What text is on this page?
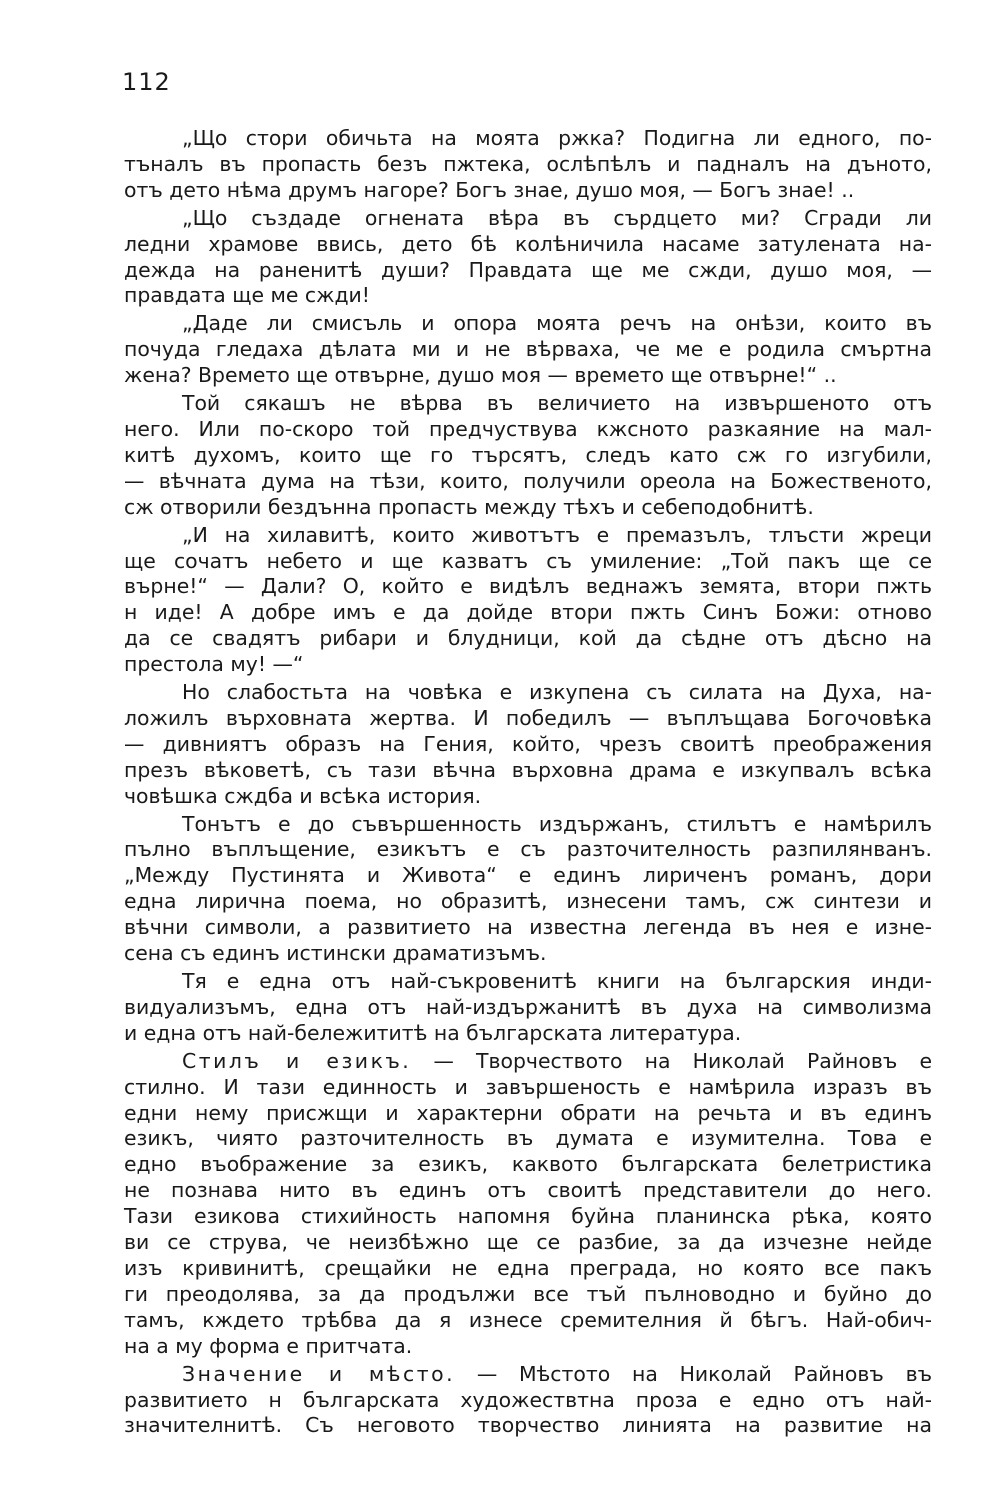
112
„Що стори обичьта на моята ржка? Подигна ли едного, по-
тъналъ въ пропасть безъ пжтека, ослѣпѣлъ и падналъ на дъното,
отъ дето нѣма друмъ нагоре? Богъ знае, душо моя, — Богъ знае! ..
„Що създаде огнената вѣра въ сърдцето ми? Сгради ли
ледни храмове ввись, дето бѣ колѣничила насаме затулената на-
дежда на раненитѣ души? Правдата ще ме сжди, душо моя, —
правдата ще ме сжди!
„Даде ли смисъль и опора моята речъ на онѣзи, които въ
почуда гледаха дѣлата ми и не вѣрваха, че ме е родила смъртна
жена? Времето ще отвърне, душо моя — времето ще отвърне!“ ..
Той сякашъ не вѣрва въ величието на извършеното отъ
него. Или по-скоро той предчуствува кжсното разкаяние на мал-
китѣ духомъ, които ще го търсятъ, следъ като сж го изгубили,
— вѣчната дума на тѣзи, които, получили ореола на Божественото,
сж отворили бездънна пропасть между тѣхъ и себеподобнитѣ.
„И на хилавитѣ, които животътъ е премазълъ, тлъсти жреци
ще сочатъ небето и ще казватъ съ умиление: „Той пакъ ще се
върне!“ — Дали? О, който е видѣлъ веднажъ земята, втори пжть
н иде! А добре имъ е да дойде втори пжть Синъ Божи: отново
да се свадятъ рибари и блудници, кой да сѣдне отъ дѣсно на
престола му! —“
Но слабостьта на човѣка е изкупена съ силата на Духа, на-
ложилъ върховната жертва. И победилъ — въплъщава Богочовѣка
— дивниятъ образъ на Гения, който, чрезъ своитѣ преображения
презъ вѣковетѣ, съ тази вѣчна върховна драма е изкупвалъ всѣка
човѣшка сждба и всѣка история.
Тонътъ е до съвършенность издържанъ, стилътъ е намѣрилъ
пълно въплъщение, езикътъ е съ разточителность разпилянванъ.
„Между Пустинята и Живота“ е единъ лириченъ романъ, дори
една лирична поема, но образитѣ, изнесени тамъ, сж синтези и
вѣчни символи, а развитието на известна легенда въ нея е изне-
сена съ единъ истински драматизъмъ.
Тя е една отъ най-съкровенитѣ книги на българския инди-
видуализъмъ, една отъ най-издържанитѣ въ духа на символизма
и една отъ най-бележититѣ на българската литература.
Стилъ и езикъ. — Творчеството на Николай Райновъ е
стилно. И тази единность и завършеность е намѣрила изразъ въ
едни нему присжщи и характерни обрати на речьта и въ единъ
езикъ, чиято разточителность въ думата е изумителна. Това е
едно въображение за езикъ, каквото българската белетристика
не познава нито въ единъ отъ своитѣ представители до него.
Тази езикова стихийность напомня буйна планинска рѣка, която
ви се струва, че неизбѣжно ще се разбие, за да изчезне нейде
изъ кривинитѣ, срещайки не една преграда, но която все пакъ
ги преодолява, за да продължи все тъй пълноводно и буйно до
тамъ, кждето трѣбва да я изнесе сремителния й бѣгъ. Най-обич-
на а му форма е притчата.
Значение и мѣсто. — Мѣстото на Николай Райновъ въ
развитието н българската художествтна проза е едно отъ най-
значителнитѣ. Съ неговото творчество линията на развитие на
